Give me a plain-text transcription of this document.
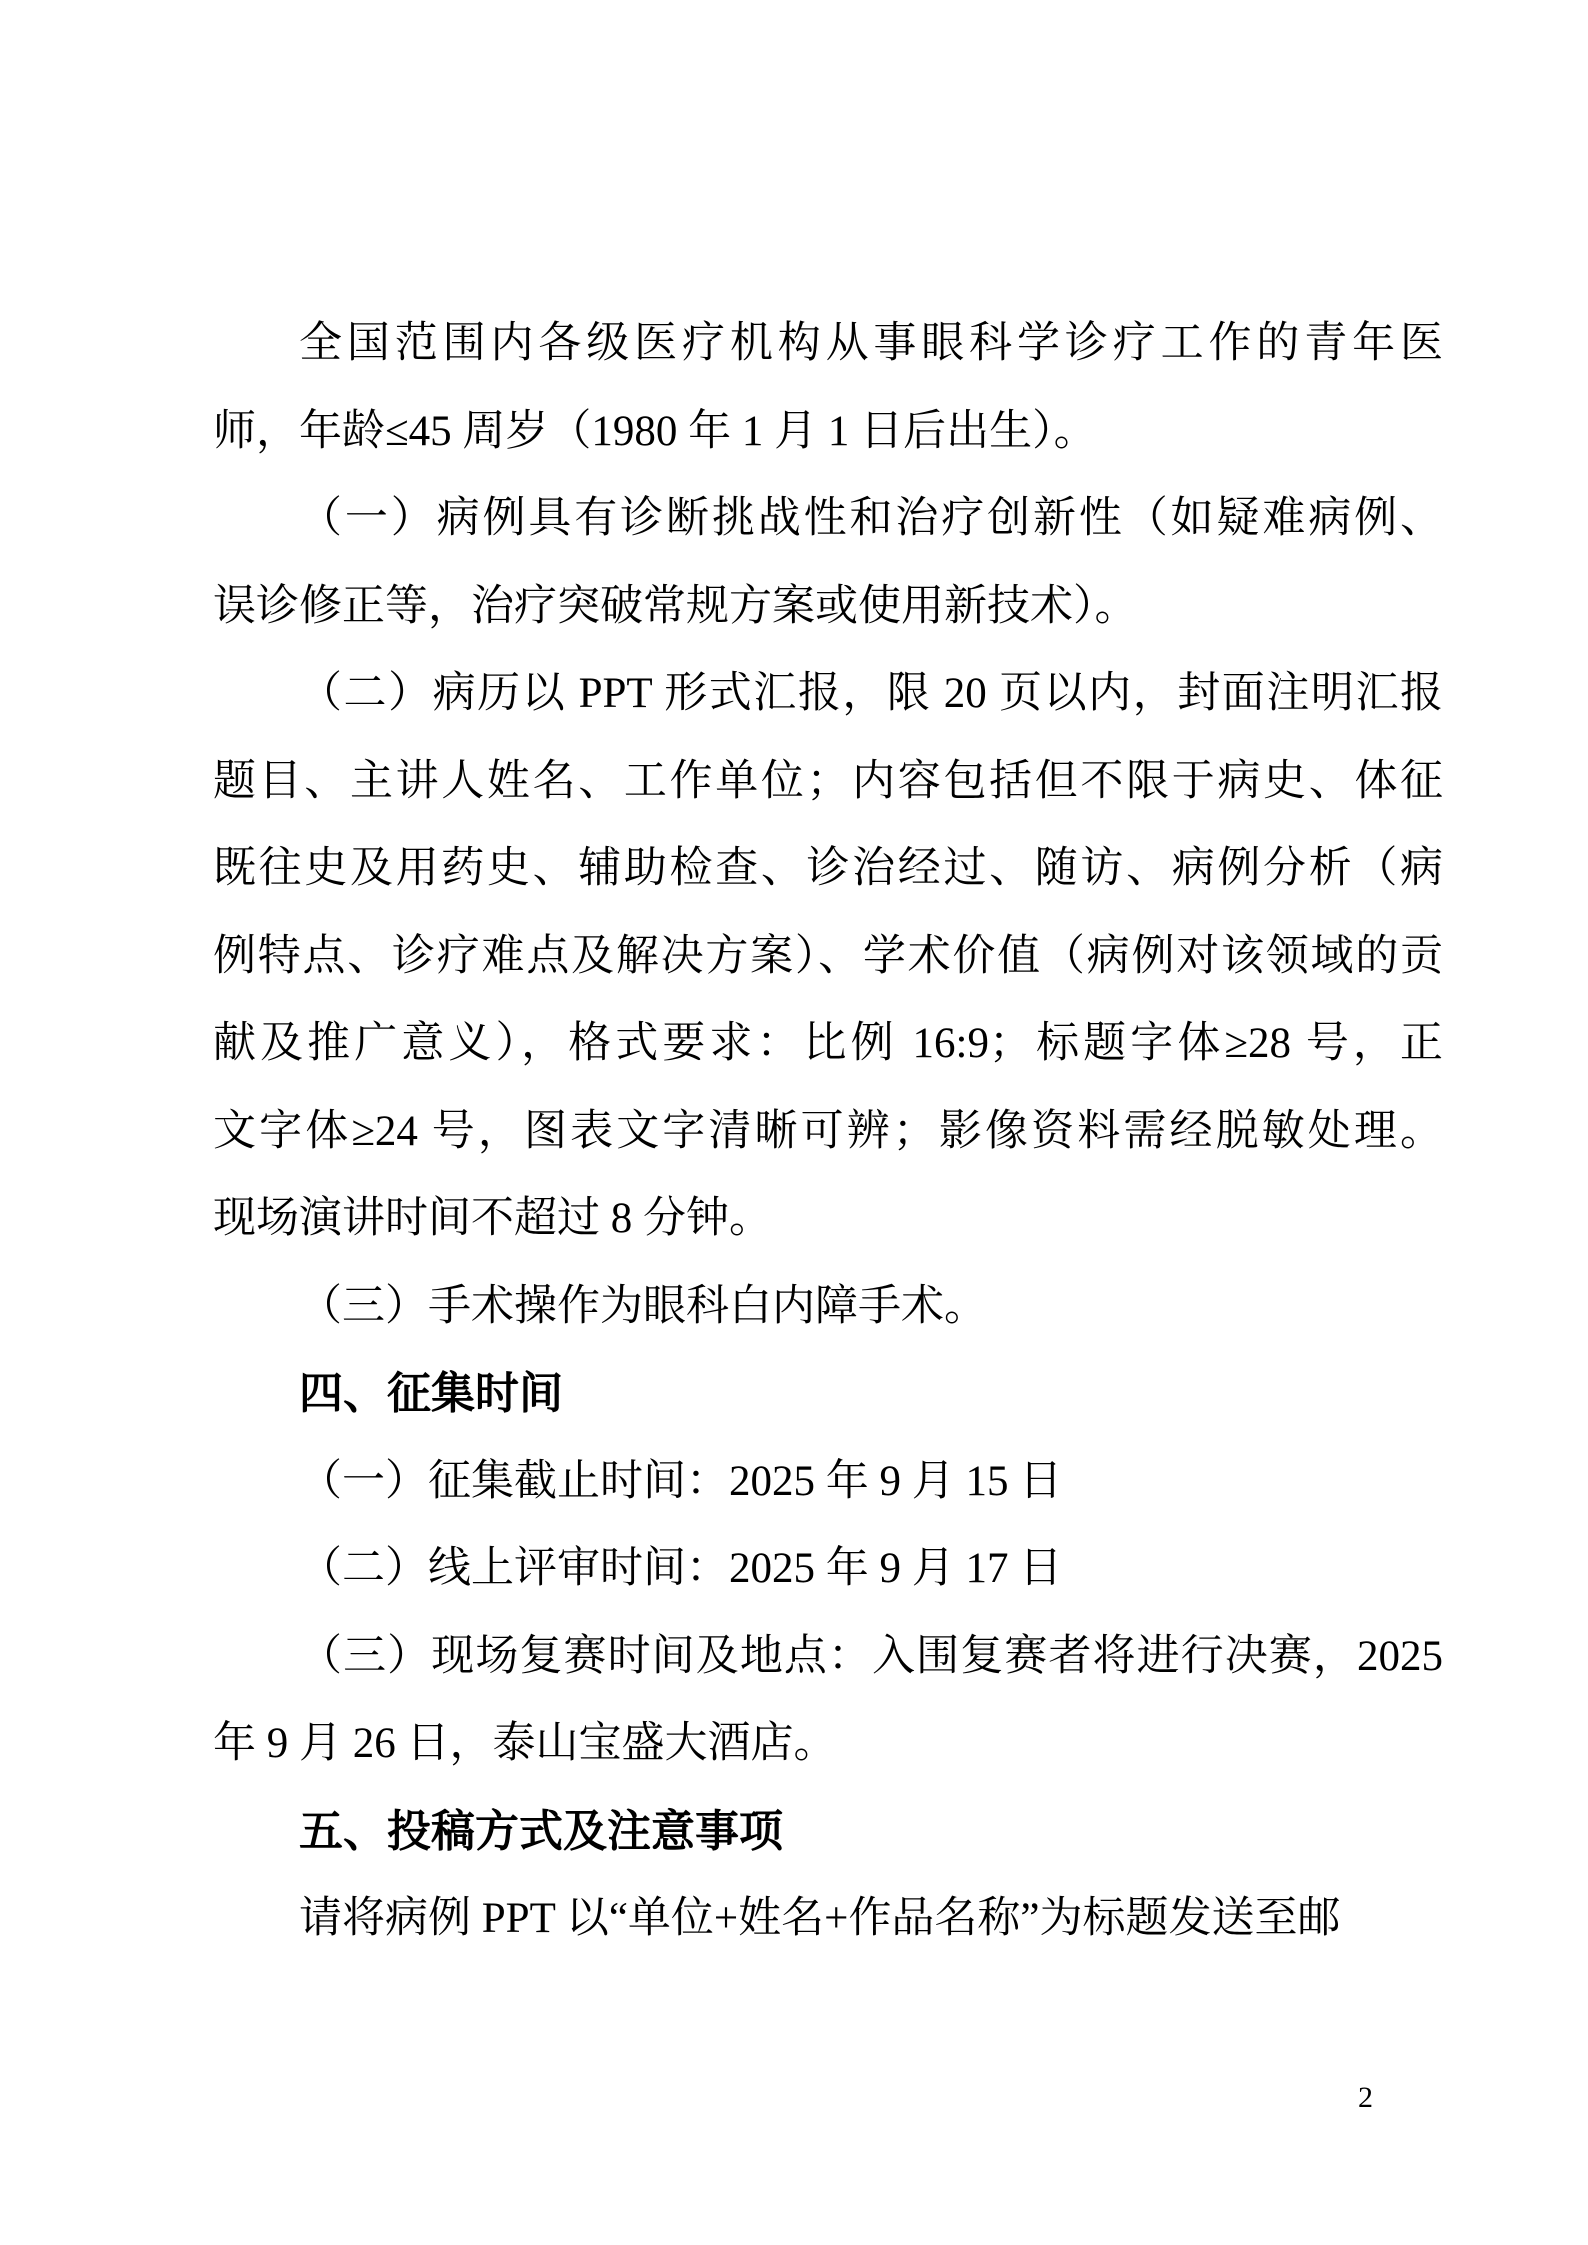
全国范围内各级医疗机构从事眼科学诊疗工作的青年医
师，年龄≤45 周岁（1980 年 1 月 1 日后出生）。
（一）病例具有诊断挑战性和治疗创新性（如疑难病例、
误诊修正等，治疗突破常规方案或使用新技术）。
（二）病历以 PPT 形式汇报，限 20 页以内，封面注明汇报
题目、主讲人姓名、工作单位；内容包括但不限于病史、体征
既往史及用药史、辅助检查、诊治经过、随访、病例分析（病
例特点、诊疗难点及解决方案）、学术价值（病例对该领域的贡
献及推广意义），格式要求：比例 16:9；标题字体≥28 号，正
文字体≥24 号，图表文字清晰可辨；影像资料需经脱敏处理。
现场演讲时间不超过 8 分钟。
（三）手术操作为眼科白内障手术。
四、征集时间
（一）征集截止时间：2025 年 9 月 15 日
（二）线上评审时间：2025 年 9 月 17 日
（三）现场复赛时间及地点：入围复赛者将进行决赛，2025
年 9 月 26 日，泰山宝盛大酒店。
五、投稿方式及注意事项
请将病例 PPT 以“单位+姓名+作品名称”为标题发送至邮
2
